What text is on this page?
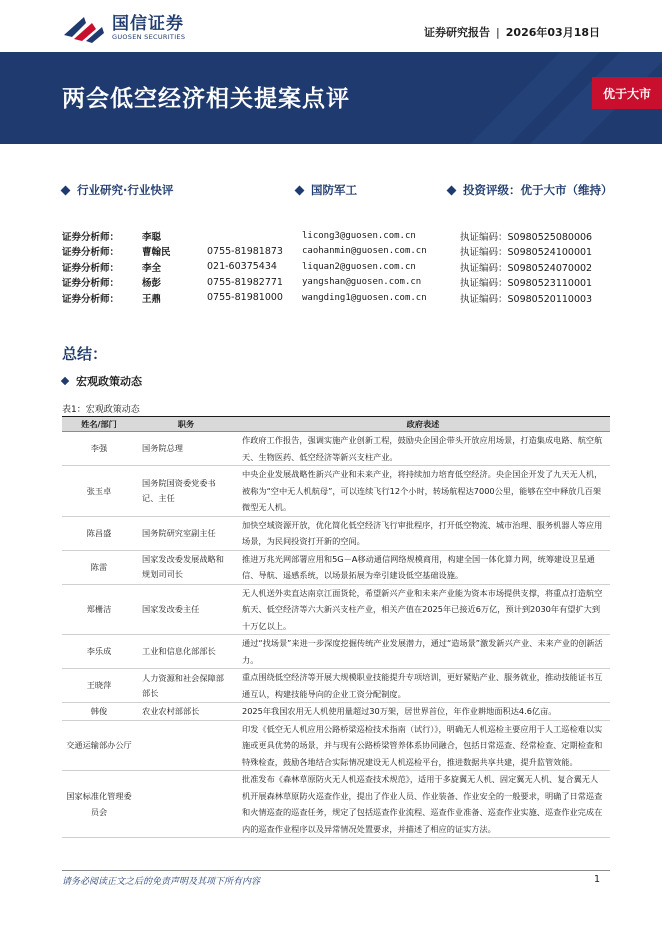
国信证券
GUOSEN SECURITIES	证券研究报告 | 2026年03月18日
两会低空经济相关提案点评	优于大市
行业研究·行业快评	国防军工	投资评级：优于大市（维持）
证券分析师：	李聪	licong3@guosen.com.cn	执证编码：S0980525080006
证券分析师：	曹翰民	0755-81981873	caohanmin@guosen.com.cn	执证编码：S0980524100001
证券分析师：	李全	021-60375434	liquan2@guosen.com.cn	执证编码：S0980524070002
证券分析师：	杨彭	0755-81982771	yangshan@guosen.com.cn	执证编码：S0980523110001
证券分析师：	王鼎	0755-81981000	wangding1@guosen.com.cn	执证编码：S0980520110003
总结：
宏观政策动态
表1：宏观政策动态
姓名/部门	职务	政府表述
李强	国务院总理	作政府工作报告，强调实施产业创新工程，鼓励央企国企带头开放应用场景，打造集成电路、航空航天、生物医药、低空经济等新兴支柱产业。
张玉卓	国务院国资委党委书记、主任	中央企业发展战略性新兴产业和未来产业，将持续加力培育低空经济。央企国企开发了九天无人机，被称为“空中无人机航母”，可以连续飞行12个小时，转场航程达7000公里，能够在空中释放几百架微型无人机。
陈昌盛	国务院研究室副主任	加快空域资源开放，优化简化低空经济飞行审批程序，打开低空物流、城市治理、服务机器人等应用场景，为民间投资打开新的空间。
陈雷	国家发改委发展战略和规划司司长	推进万兆光网部署应用和5G－A移动通信网络规模商用，构建全国一体化算力网，统筹建设卫星通信、导航、遥感系统，以场景拓展为牵引建设低空基础设施。
郑栅洁	国家发改委主任	无人机送外卖直达南京江面货轮，希望新兴产业和未来产业能为资本市场提供支撑，将重点打造航空航天、低空经济等六大新兴支柱产业，相关产值在2025年已接近6万亿，预计到2030年有望扩大到十万亿以上。
李乐成	工业和信息化部部长	通过“找场景”来进一步深度挖掘传统产业发展潜力，通过“造场景”激发新兴产业、未来产业的创新活力。
王晓萍	人力资源和社会保障部部长	重点围绕低空经济等开展大规模职业技能提升专项培训，更好紧贴产业、服务就业，推动技能证书互通互认，构建技能导向的企业工资分配制度。
韩俊	农业农村部部长	2025年我国农用无人机使用量超过30万架，居世界首位，年作业耕地面积达4.6亿亩。
交通运输部办公厅		印发《低空无人机应用公路桥梁巡检技术指南（试行）》，明确无人机巡检主要应用于人工巡检难以实施或更具优势的场景，并与现有公路桥梁管养体系协同融合，包括日常巡查、经常检查、定期检查和特殊检查，鼓励各地结合实际情况建设无人机巡检平台，推进数据共享共建，提升监管效能。
国家标准化管理委员会		批准发布《森林草原防火无人机巡查技术规范》，适用于多旋翼无人机、固定翼无人机、复合翼无人机开展森林草原防火巡查作业，提出了作业人员、作业装备、作业安全的一般要求，明确了日常巡查和火情巡查的巡查任务，规定了包括巡查作业流程、巡查作业准备、巡查作业实施、巡查作业完成在内的巡查作业程序以及异常情况处置要求，并描述了相应的证实方法。
请务必阅读正文之后的免责声明及其项下所有内容	1
